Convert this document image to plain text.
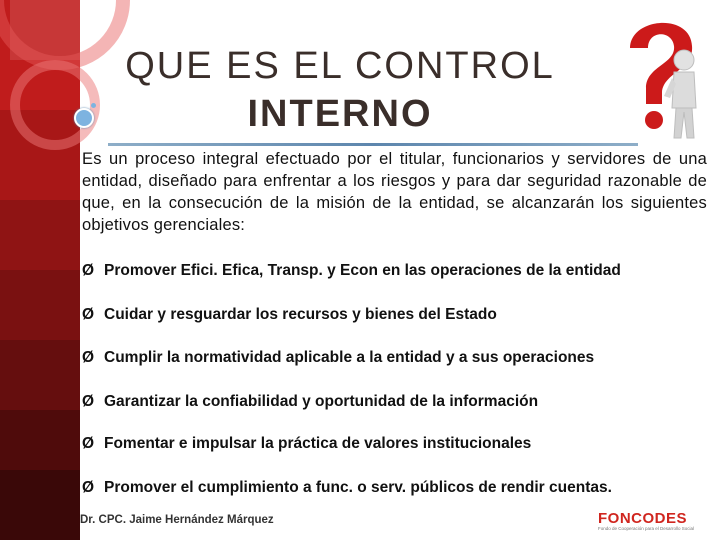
QUE ES EL CONTROL
INTERNO
Es un proceso integral efectuado por el titular, funcionarios y servidores de una entidad, diseñado para enfrentar a los riesgos y para dar seguridad razonable de que, en la consecución de la misión de la entidad, se alcanzarán los siguientes objetivos gerenciales:
Ø Promover Efici. Efica, Transp. y Econ en las operaciones de la entidad
Ø Cuidar y resguardar los recursos y bienes del Estado
Ø Cumplir la normatividad aplicable a la entidad y a sus operaciones
Ø Garantizar la confiabilidad y oportunidad de la información
Ø Fomentar e impulsar la práctica de valores institucionales
Ø Promover el cumplimiento a func. o serv. públicos de rendir cuentas.
Dr. CPC. Jaime Hernández Márquez	FONCODES
Fondo de Cooperación para el Desarrollo Social
